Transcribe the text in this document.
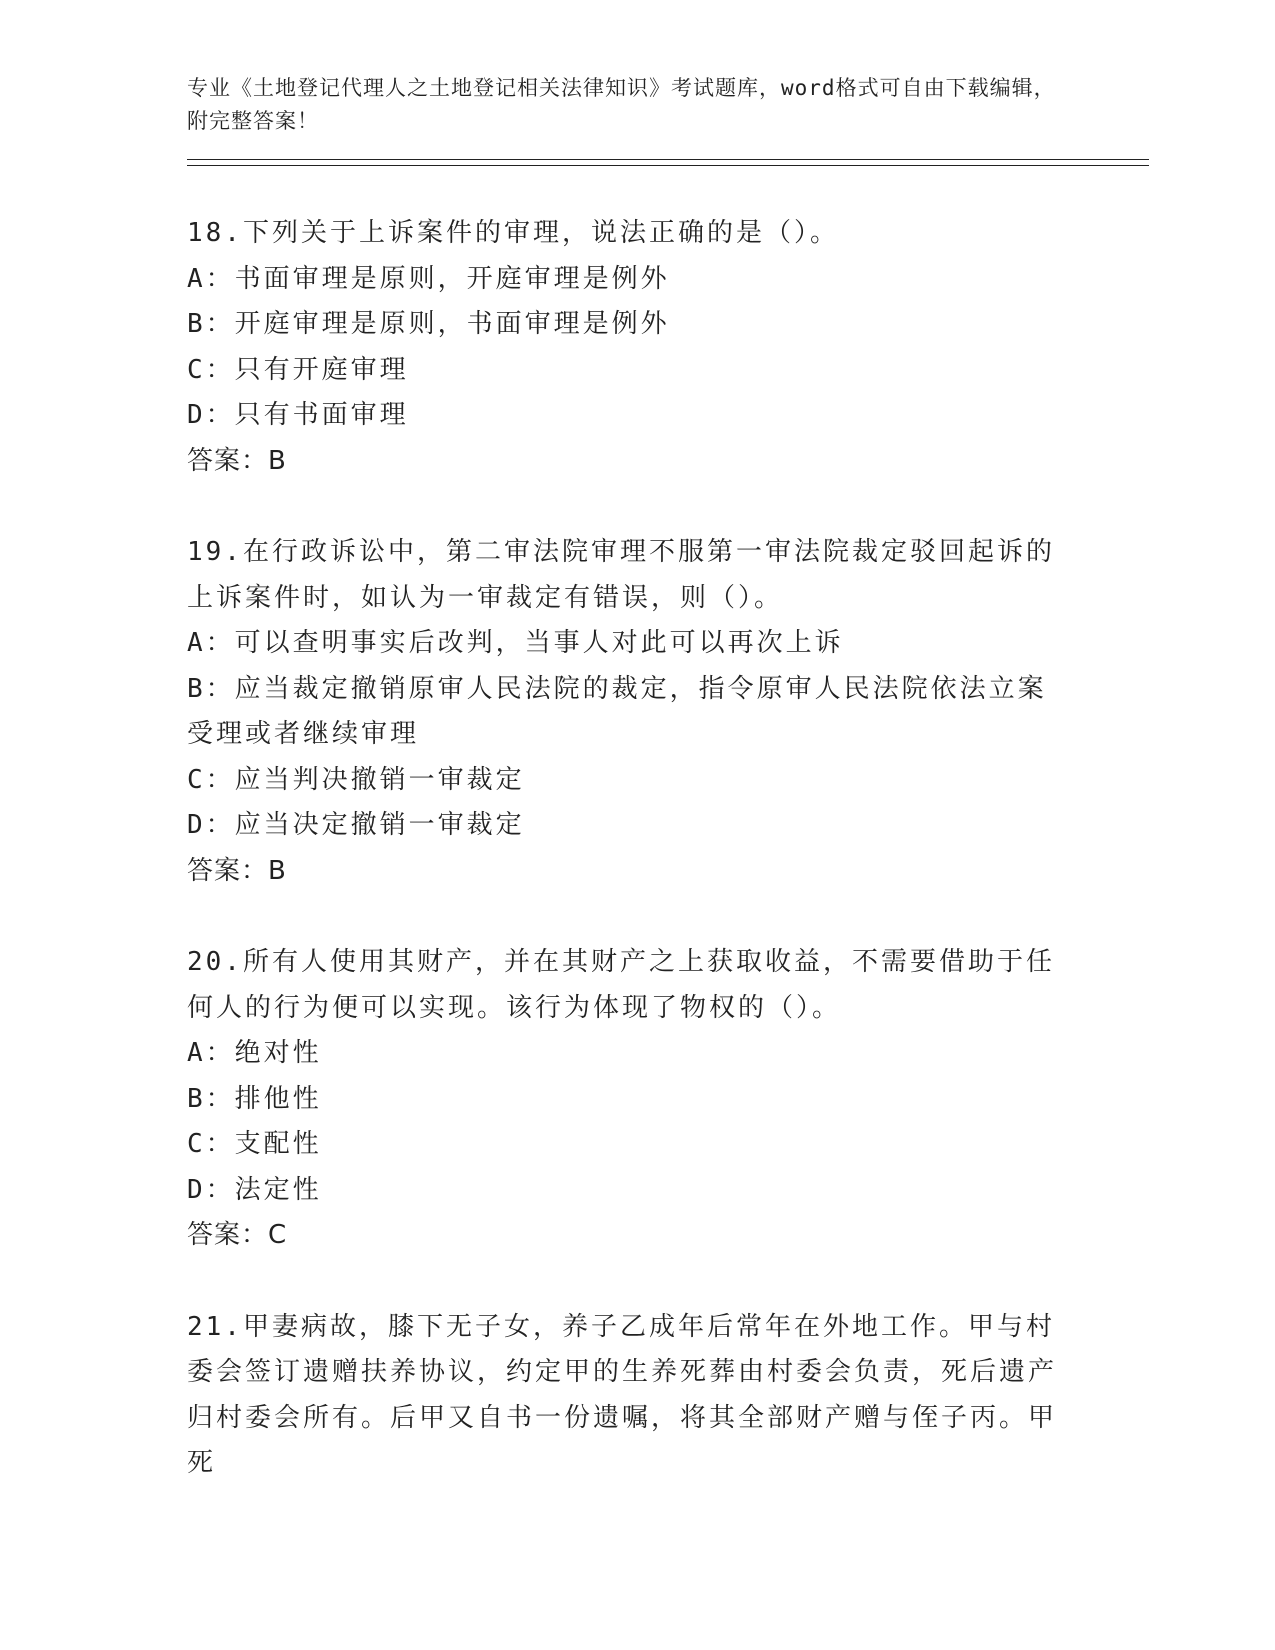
专业《土地登记代理人之土地登记相关法律知识》考试题库，word格式可自由下载编辑，附完整答案！
18.下列关于上诉案件的审理，说法正确的是（）。
A：书面审理是原则，开庭审理是例外
B：开庭审理是原则，书面审理是例外
C：只有开庭审理
D：只有书面审理
答案：B
19.在行政诉讼中，第二审法院审理不服第一审法院裁定驳回起诉的上诉案件时，如认为一审裁定有错误，则（）。
A：可以查明事实后改判，当事人对此可以再次上诉
B：应当裁定撤销原审人民法院的裁定，指令原审人民法院依法立案受理或者继续审理
C：应当判决撤销一审裁定
D：应当决定撤销一审裁定
答案：B
20.所有人使用其财产，并在其财产之上获取收益，不需要借助于任何人的行为便可以实现。该行为体现了物权的（）。
A：绝对性
B：排他性
C：支配性
D：法定性
答案：C
21.甲妻病故，膝下无子女，养子乙成年后常年在外地工作。甲与村委会签订遗赠扶养协议，约定甲的生养死葬由村委会负责，死后遗产归村委会所有。后甲又自书一份遗嘱，将其全部财产赠与侄子丙。甲死
